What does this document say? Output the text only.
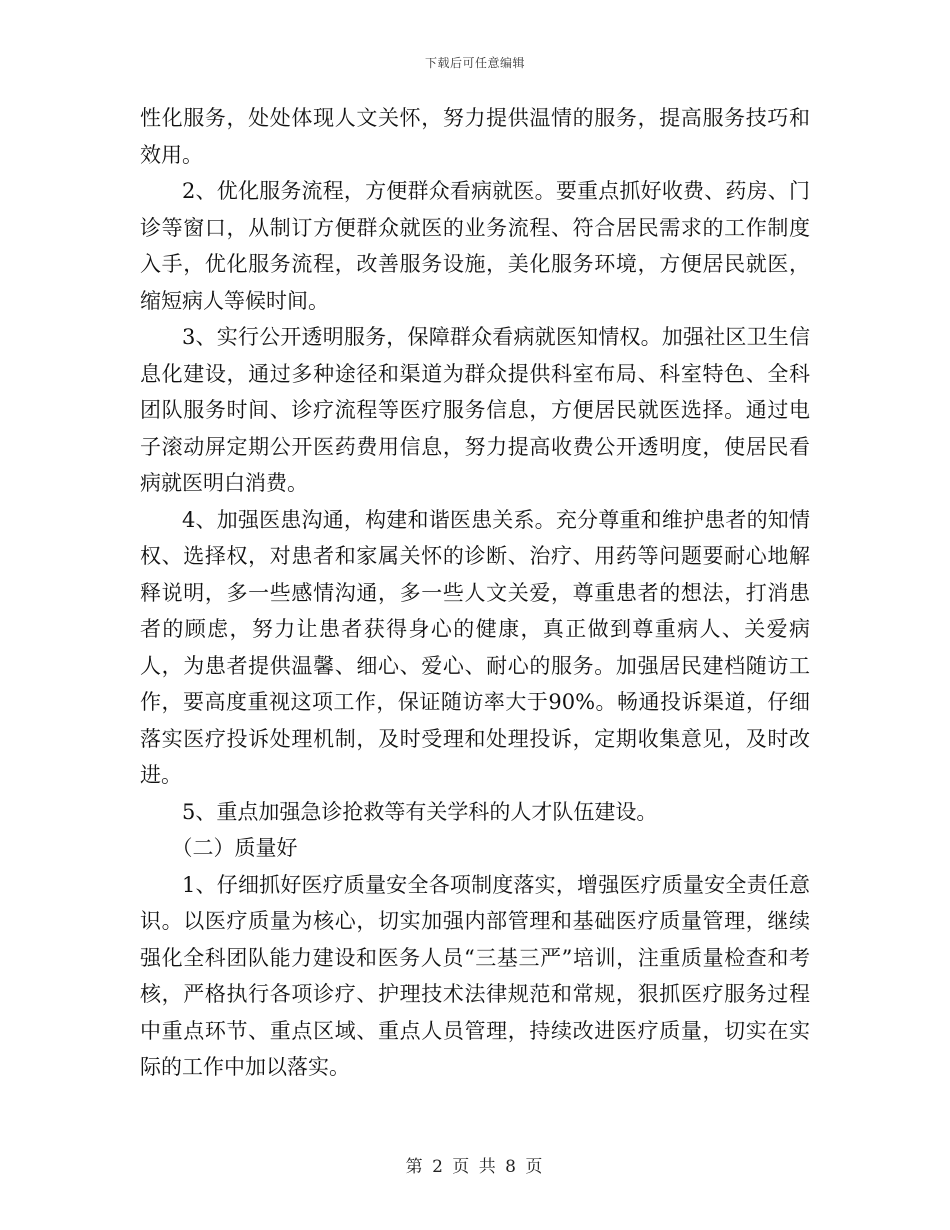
下载后可任意编辑

性化服务，处处体现人文关怀，努力提供温情的服务，提高服务技巧和效用。

2、优化服务流程，方便群众看病就医。要重点抓好收费、药房、门诊等窗口，从制订方便群众就医的业务流程、符合居民需求的工作制度入手，优化服务流程，改善服务设施，美化服务环境，方便居民就医，缩短病人等候时间。

3、实行公开透明服务，保障群众看病就医知情权。加强社区卫生信息化建设，通过多种途径和渠道为群众提供科室布局、科室特色、全科团队服务时间、诊疗流程等医疗服务信息，方便居民就医选择。通过电子滚动屏定期公开医药费用信息，努力提高收费公开透明度，使居民看病就医明白消费。

4、加强医患沟通，构建和谐医患关系。充分尊重和维护患者的知情权、选择权，对患者和家属关怀的诊断、治疗、用药等问题要耐心地解释说明，多一些感情沟通，多一些人文关爱，尊重患者的想法，打消患者的顾虑，努力让患者获得身心的健康，真正做到尊重病人、关爱病人，为患者提供温馨、细心、爱心、耐心的服务。加强居民建档随访工作，要高度重视这项工作，保证随访率大于90%。畅通投诉渠道，仔细落实医疗投诉处理机制，及时受理和处理投诉，定期收集意见，及时改进。

5、重点加强急诊抢救等有关学科的人才队伍建设。

（二）质量好

1、仔细抓好医疗质量安全各项制度落实，增强医疗质量安全责任意识。以医疗质量为核心，切实加强内部管理和基础医疗质量管理，继续强化全科团队能力建设和医务人员“三基三严”培训，注重质量检查和考核，严格执行各项诊疗、护理技术法律规范和常规，狠抓医疗服务过程中重点环节、重点区域、重点人员管理，持续改进医疗质量，切实在实际的工作中加以落实。

第 2 页 共 8 页
